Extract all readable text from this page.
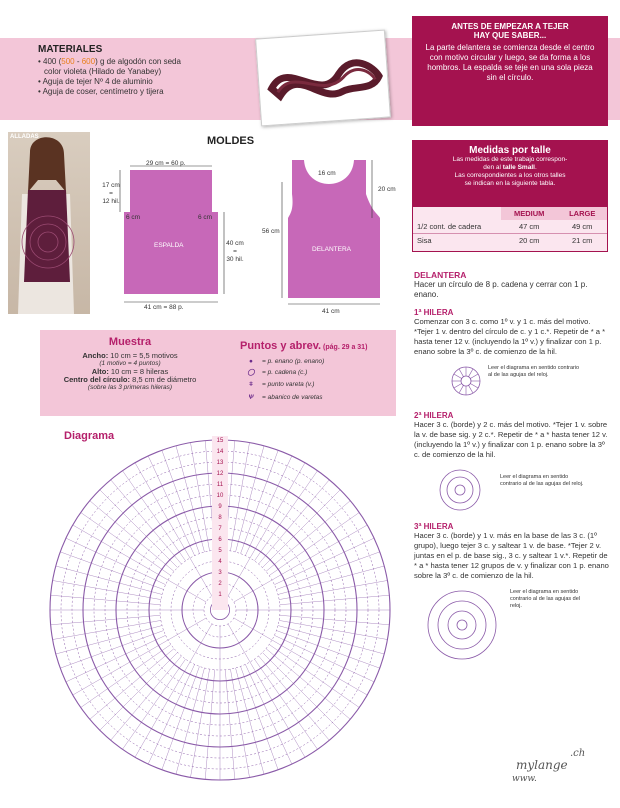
MATERIALES
• 400 (500 - 600) g de algodón con seda
color violeta (Hilado de Yanabey)
• Aguja de tejer Nº 4 de aluminio
• Aguja de coser, centímetro y tijera
ANTES DE EMPEZAR A TEJER
HAY QUE SABER...
La parte delantera se comienza desde el centro con motivo circular y luego, se da forma a los hombros. La espalda se teje en una sola pieza sin el círculo.
ALLADAS	MOLDES
29 cm = 60 p.
17 cm
=
12 hil.
6 cm	6 cm
ESPALDA	40 cm
=
30 hil.
41 cm = 88 p.
16 cm
20 cm
56 cm
DELANTERA
41 cm
Medidas por talle
Las medidas de este trabajo correspon-
den al talle Small.
Las correspondientes a los otros talles
se indican en la siguiente tabla.
	MEDIUM	LARGE
1/2 cont. de cadera	47 cm	49 cm
Sisa	20 cm	21 cm
Muestra
Ancho: 10 cm = 5,5 motivos
(1 motivo = 4 puntos)
Alto: 10 cm = 8 hileras
Centro del círculo: 8,5 cm de diámetro
(sobre las 3 primeras hileras)
Puntos y abrev. (pág. 29 a 31)
● = p. enano (p. enano)
◯ = p. cadena (c.)
ǂ = punto vareta (v.)
Ѱ = abanico de varetas
Diagrama
1
2
3
4
5
6
7
8
9
10
11
12
13
14
15
DELANTERA
Hacer un círculo de 8 p. cadena y cerrar con 1 p. enano.
1ª HILERA
Comenzar con 3 c. como 1º v. y 1 c. más del motivo. *Tejer 1 v. dentro del círculo de c. y 1 c.*. Repetir de * a * hasta tener 12 v. (incluyendo la 1º v.) y finalizar con 1 p. enano sobre la 3º c. de comienzo de la hil.
Leer el diagrama en sentido contrario al de las agujas del reloj.
2ª HILERA
Hacer 3 c. (borde) y 2 c. más del motivo. *Tejer 1 v. sobre la v. de base sig. y 2 c.*. Repetir de * a * hasta tener 12 v. (incluyendo la 1º v.) y finalizar con 1 p. enano sobre la 3º c. de comienzo de la hil.
Leer el diagrama en sentido contrario al de las agujas del reloj.
3ª HILERA
Hacer 3 c. (borde) y 1 v. más en la base de las 3 c. (1º grupo), luego tejer 3 c. y saltear 1 v. de base. *Tejer 2 v. juntas en el p. de base sig., 3 c. y saltear 1 v.*. Repetir de * a * hasta tener 12 grupos de v. y finalizar con 1 p. enano sobre la 3º c. de comienzo de la hil.
Leer el diagrama en sentido contrario al de las agujas del reloj.
mylange
.ch
www.
